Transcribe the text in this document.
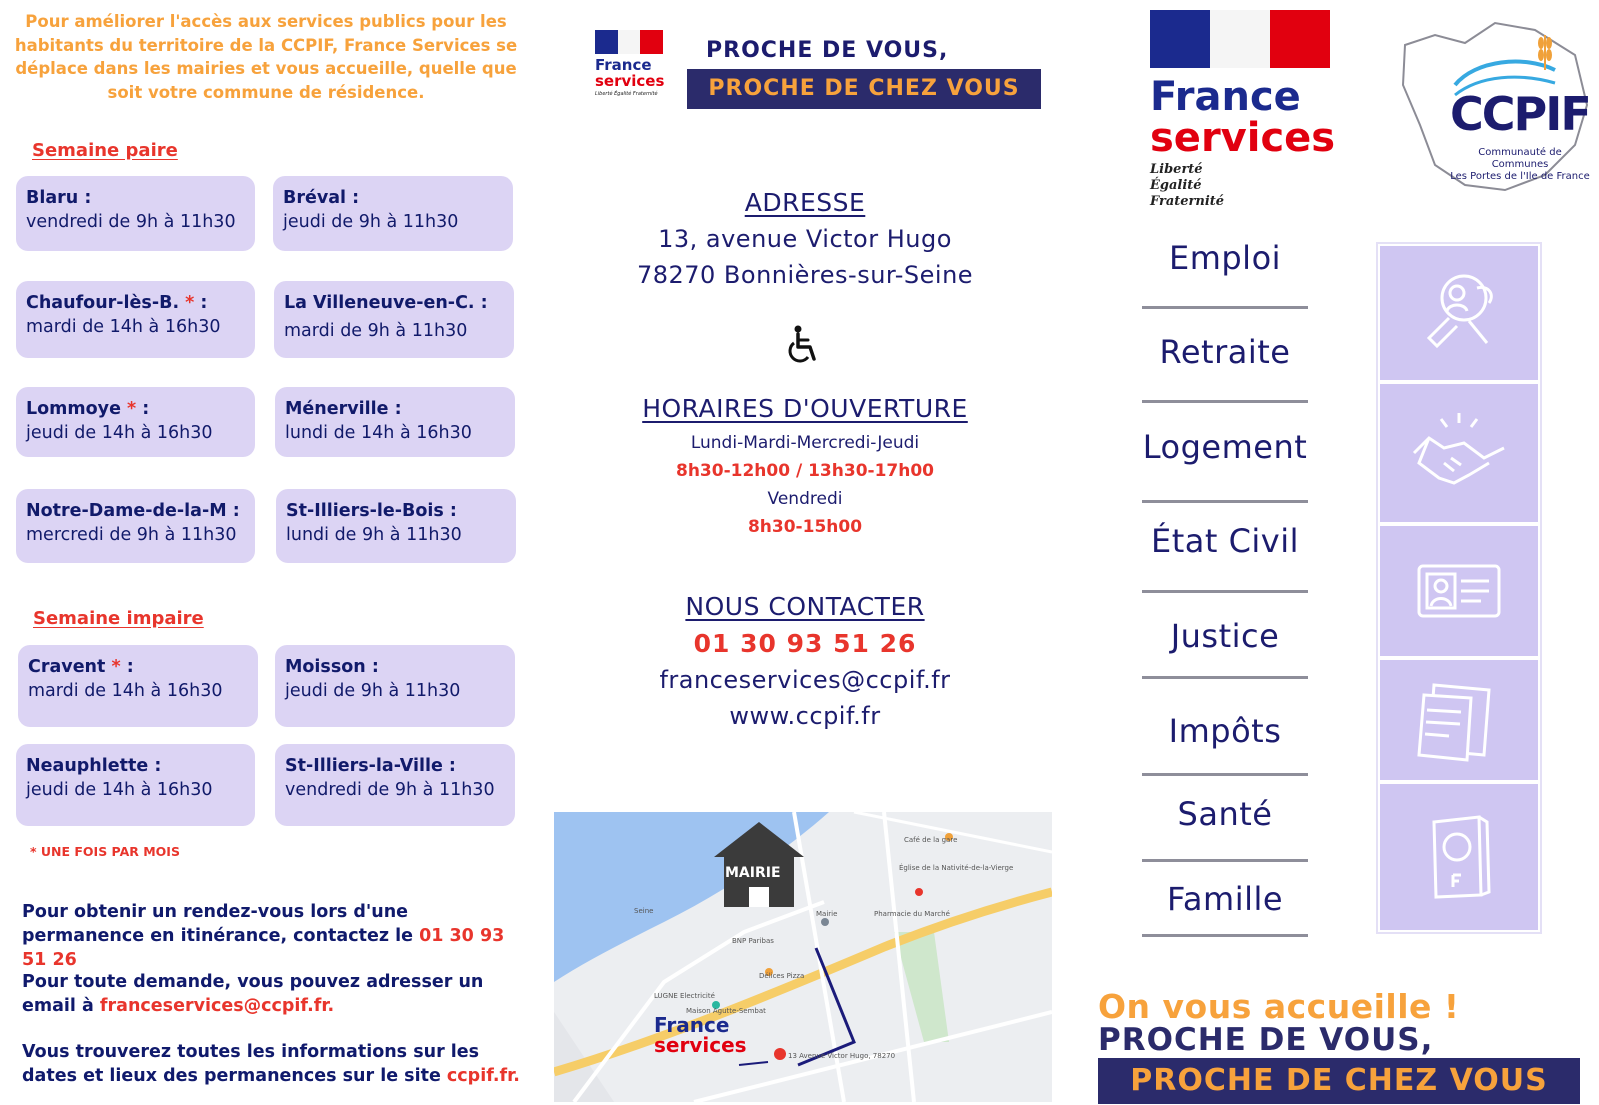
Pour améliorer l'accès aux services publics pour les habitants du territoire de la CCPIF, France Services se déplace dans les mairies et vous accueille, quelle que soit votre commune de résidence.

Semaine paire
Blaru :
vendredi de 9h à 11h30
Bréval :
jeudi de 9h à 11h30
Chaufour-lès-B. * :
mardi de 14h à 16h30
La Villeneuve-en-C. :
mardi de 9h à 11h30
Lommoye * :
jeudi de 14h à 16h30
Ménerville :
lundi de 14h à 16h30
Notre-Dame-de-la-M :
mercredi de 9h à 11h30
St-Illiers-le-Bois :
lundi de 9h à 11h30
Semaine impaire
Cravent * :
mardi de 14h à 16h30
Moisson :
jeudi de 9h à 11h30
Neauphlette :
jeudi de 14h à 16h30
St-Illiers-la-Ville :
vendredi de 9h à 11h30
* UNE FOIS PAR MOIS

Pour obtenir un rendez-vous lors d'une permanence en itinérance, contactez le 01 30 93 51 26

Pour toute demande, vous pouvez adresser un email à franceservices@ccpif.fr.

Vous trouverez toutes les informations sur les dates et lieux des permanences sur le site ccpif.fr.

France
services
Liberté Égalité Fraternité
PROCHE DE VOUS,
PROCHE DE CHEZ VOUS
ADRESSE
13, avenue Victor Hugo
78270 Bonnières-sur-Seine
HORAIRES D'OUVERTURE
Lundi-Mardi-Mercredi-Jeudi
8h30-12h00 / 13h30-17h00
Vendredi
8h30-15h00
NOUS CONTACTER
01 30 93 51 26
franceservices@ccpif.fr
www.ccpif.fr
MAIRIE
Seine	Pharmacie du Marché
BNP Paribas
Délices Pizza
LUGNE Electricité
Maison Agutte-Sembat
13 Avenue Victor Hugo, 78270
Café de la gare
Église de la Nativité-de-la-Vierge
Mairie
France
services
France
services
Liberté
Égalité
Fraternité
CCPIF
Communauté de Communes
Les Portes de l'Ile de France
Emploi
Retraite
Logement
État Civil
Justice
Impôts
Santé
Famille
On vous accueille !
PROCHE DE VOUS,
PROCHE DE CHEZ VOUS
